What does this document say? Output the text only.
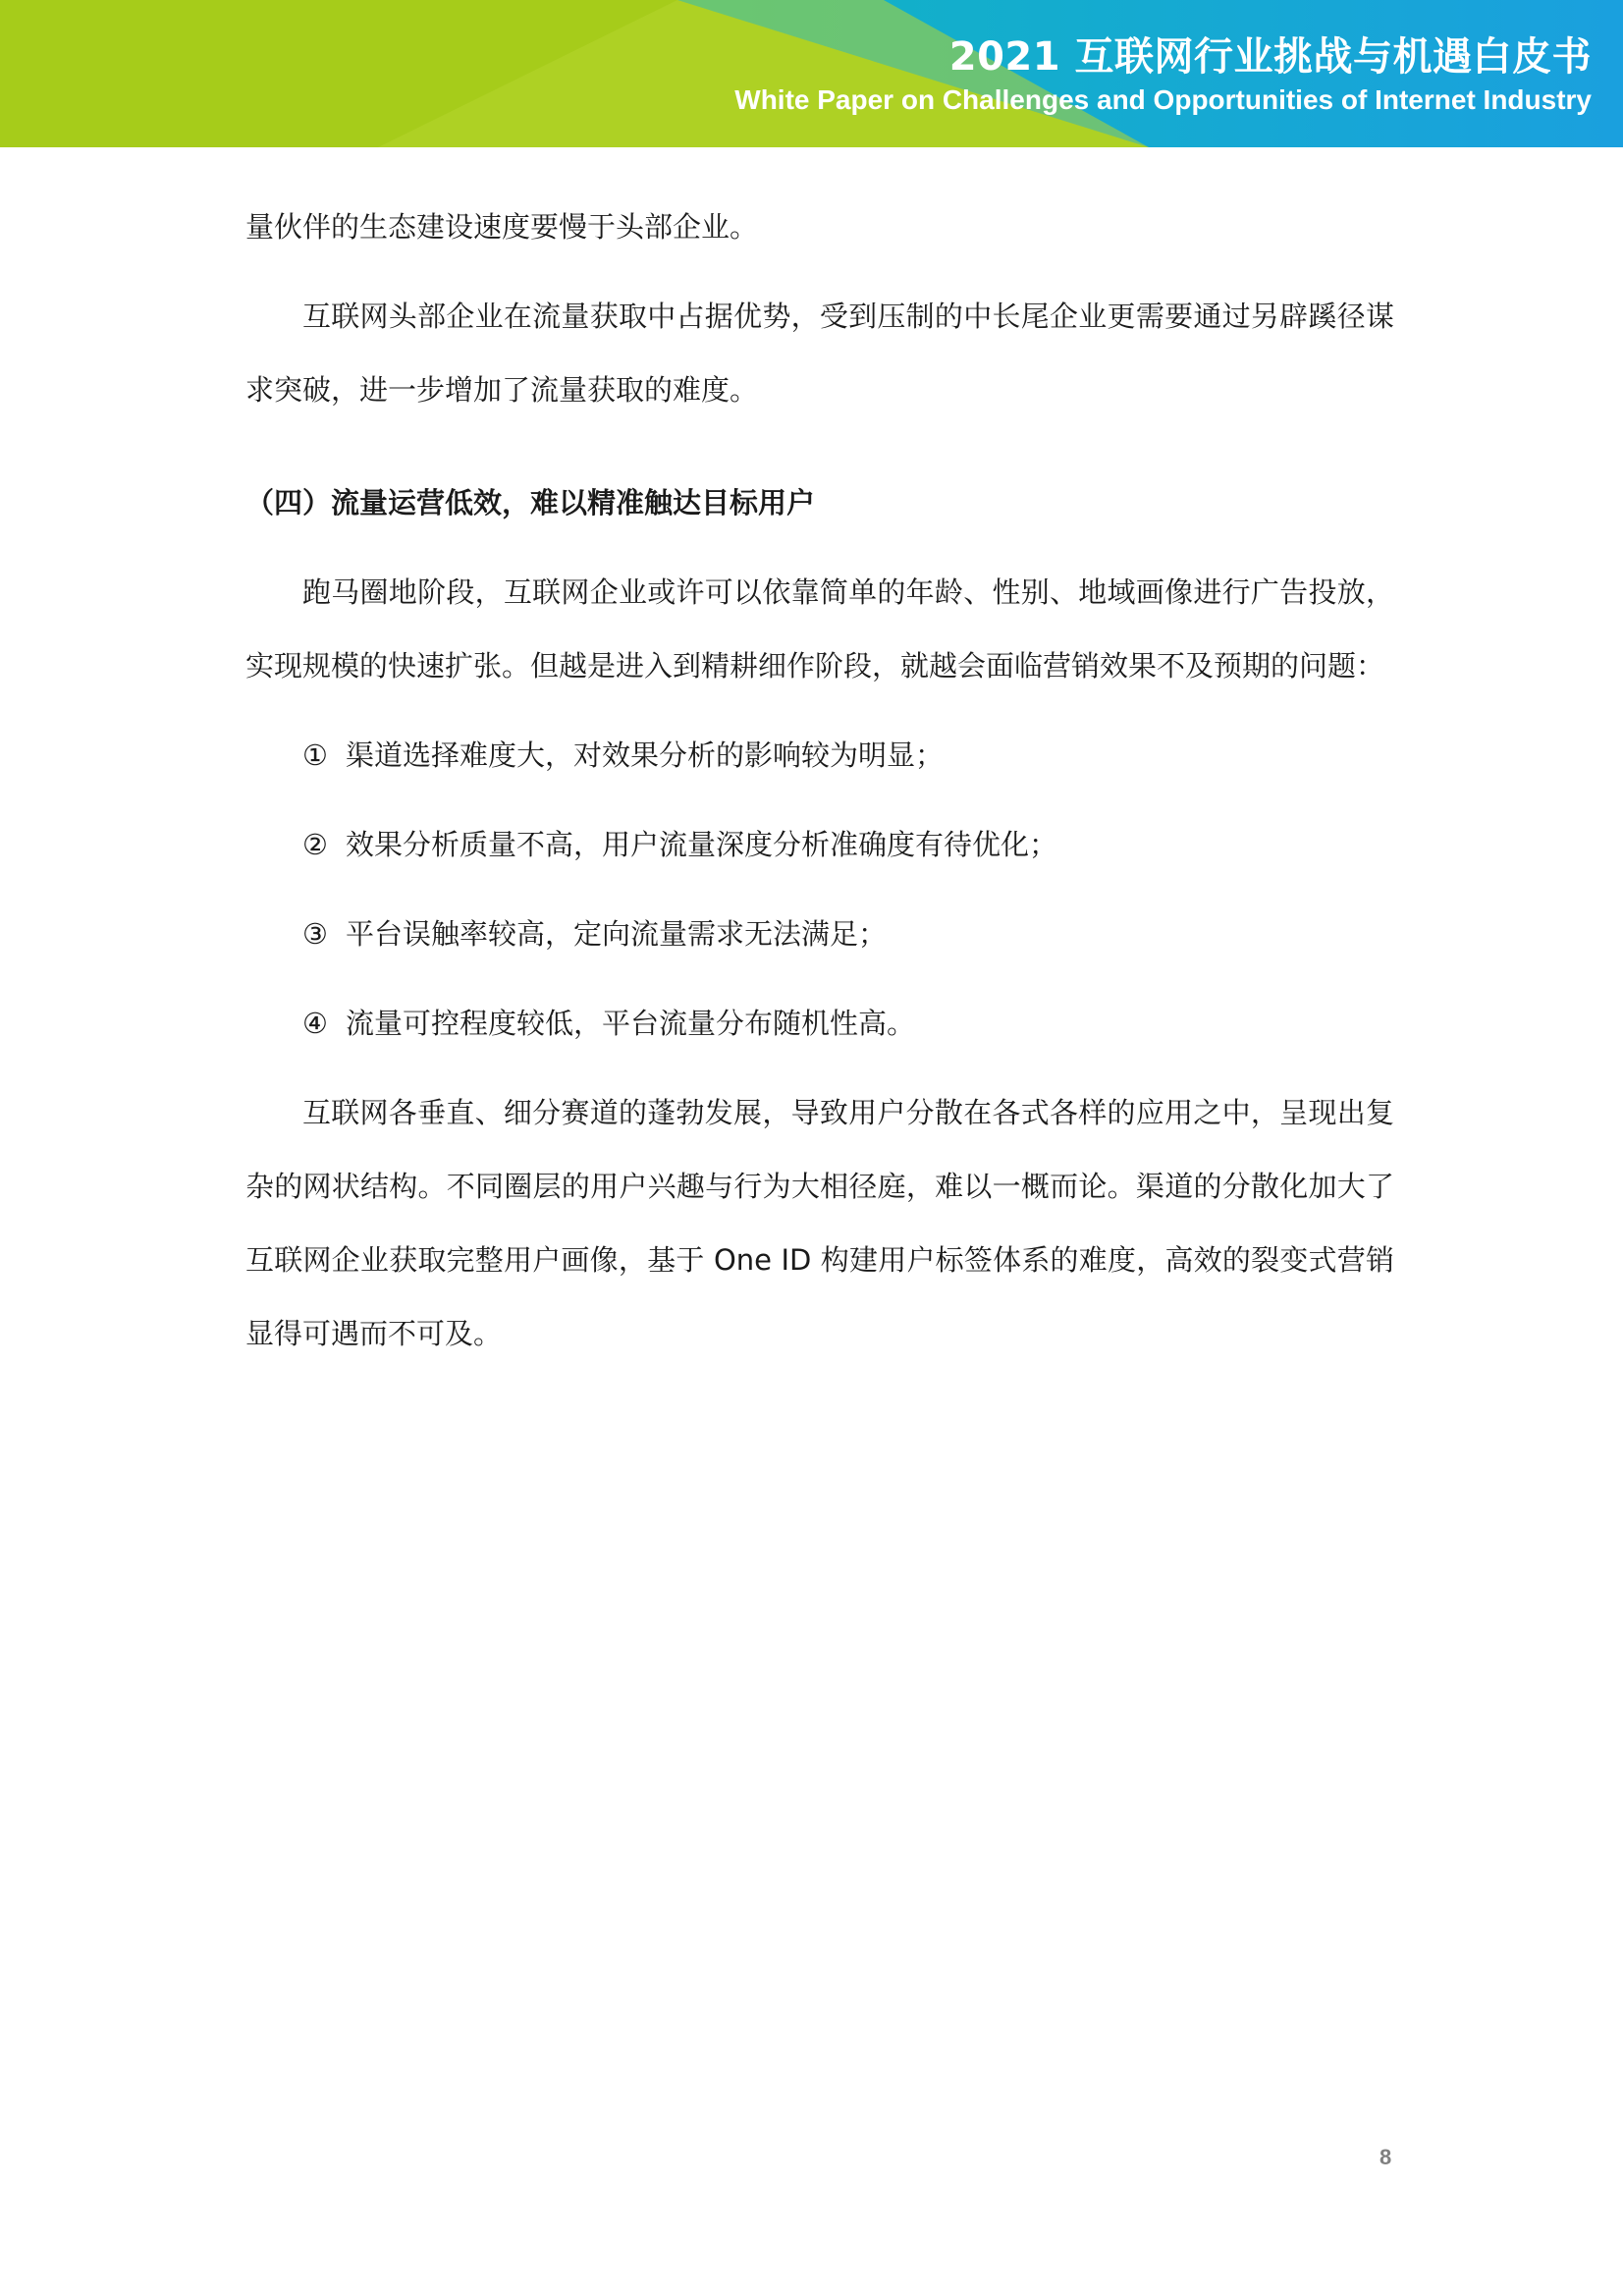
2021 互联网行业挑战与机遇白皮书
White Paper on Challenges and Opportunities of Internet Industry

量伙伴的生态建设速度要慢于头部企业。

互联网头部企业在流量获取中占据优势，受到压制的中长尾企业更需要通过另辟蹊径谋求突破，进一步增加了流量获取的难度。

（四）流量运营低效，难以精准触达目标用户

跑马圈地阶段，互联网企业或许可以依靠简单的年龄、性别、地域画像进行广告投放，实现规模的快速扩张。但越是进入到精耕细作阶段，就越会面临营销效果不及预期的问题：

① 渠道选择难度大，对效果分析的影响较为明显；

② 效果分析质量不高，用户流量深度分析准确度有待优化；

③ 平台误触率较高，定向流量需求无法满足；

④ 流量可控程度较低，平台流量分布随机性高。

互联网各垂直、细分赛道的蓬勃发展，导致用户分散在各式各样的应用之中，呈现出复杂的网状结构。不同圈层的用户兴趣与行为大相径庭，难以一概而论。渠道的分散化加大了互联网企业获取完整用户画像，基于 One ID 构建用户标签体系的难度，高效的裂变式营销显得可遇而不可及。

8
